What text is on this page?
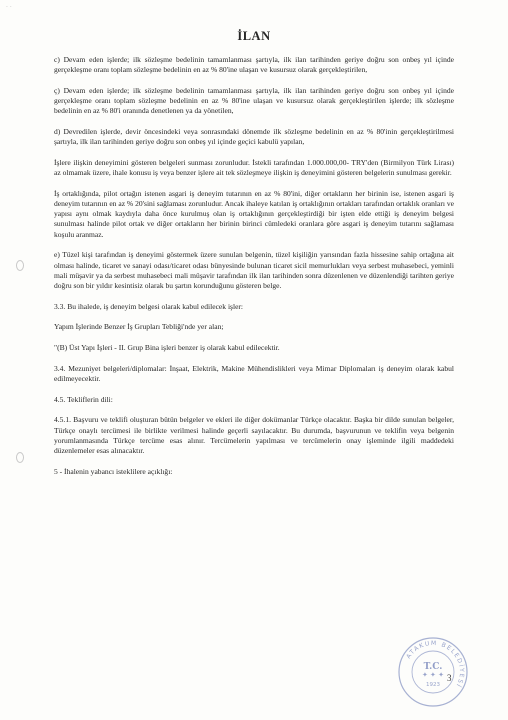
· ·
İLAN

c) Devam eden işlerde; ilk sözleşme bedelinin tamamlanması şartıyla, ilk ilan tarihinden geriye doğru son onbeş yıl içinde gerçekleşme oranı toplam sözleşme bedelinin en az % 80'ine ulaşan ve kusursuz olarak gerçekleştirilen,

ç) Devam eden işlerde; ilk sözleşme bedelinin tamamlanması şartıyla, ilk ilan tarihinden geriye doğru son onbeş yıl içinde gerçekleşme oranı toplam sözleşme bedelinin en az % 80'ine ulaşan ve kusursuz olarak gerçekleştirilen işlerde; ilk sözleşme bedelinin en az % 80'i oranında denetlenen ya da yönetilen,

d) Devredilen işlerde, devir öncesindeki veya sonrasındaki dönemde ilk sözleşme bedelinin en az % 80'inin gerçekleştirilmesi şartıyla, ilk ilan tarihinden geriye doğru son onbeş yıl içinde geçici kabulü yapılan,

İşlere ilişkin deneyimini gösteren belgeleri sunması zorunludur. İstekli tarafından 1.000.000,00- TRY'den (Birmilyon Türk Lirası) az olmamak üzere, ihale konusu iş veya benzer işlere ait tek sözleşmeye ilişkin iş deneyimini gösteren belgelerin sunulması gerekir.

İş ortaklığında, pilot ortağın istenen asgari iş deneyim tutarının en az % 80'ini, diğer ortakların her birinin ise, istenen asgari iş deneyim tutarının en az % 20'sini sağlaması zorunludur. Ancak ihaleye katılan iş ortaklığının ortakları tarafından ortaklık oranları ve yapısı aynı olmak kaydıyla daha önce kurulmuş olan iş ortaklığının gerçekleştirdiği bir işten elde ettiği iş deneyim belgesi sunulması halinde pilot ortak ve diğer ortakların her birinin birinci cümledeki oranlara göre asgari iş deneyim tutarını sağlaması koşulu aranmaz.

e) Tüzel kişi tarafından iş deneyimi göstermek üzere sunulan belgenin, tüzel kişiliğin yarısından fazla hissesine sahip ortağına ait olması halinde, ticaret ve sanayi odası/ticaret odası bünyesinde bulunan ticaret sicil memurlukları veya serbest muhasebeci, yeminli mali müşavir ya da serbest muhasebeci mali müşavir tarafından ilk ilan tarihinden sonra düzenlenen ve düzenlendiği tarihten geriye doğru son bir yıldır kesintisiz olarak bu şartın korunduğunu gösteren belge.

3.3. Bu ihalede, iş deneyim belgesi olarak kabul edilecek işler:

Yapım İşlerinde Benzer İş Grupları Tebliği'nde yer alan;

"(B) Üst Yapı İşleri - II. Grup Bina işleri benzer iş olarak kabul edilecektir.

3.4. Mezuniyet belgeleri/diplomalar: İnşaat, Elektrik, Makine Mühendislikleri veya Mimar Diplomaları iş deneyim olarak kabul edilmeyecektir.

4.5. Tekliflerin dili:

4.5.1. Başvuru ve teklifi oluşturan bütün belgeler ve ekleri ile diğer dokümanlar Türkçe olacaktır. Başka bir dilde sunulan belgeler, Türkçe onaylı tercümesi ile birlikte verilmesi halinde geçerli sayılacaktır. Bu durumda, başvurunun ve teklifin veya belgenin yorumlanmasında Türkçe tercüme esas alınır. Tercümelerin yapılması ve tercümelerin onay işleminde ilgili maddedeki düzenlemeler esas alınacaktır.

5 - İhalenin yabancı isteklilere açıklığı:

ATAKUM BELEDİYESİ
T.C.
✦ ✦ ✦
1923
3
